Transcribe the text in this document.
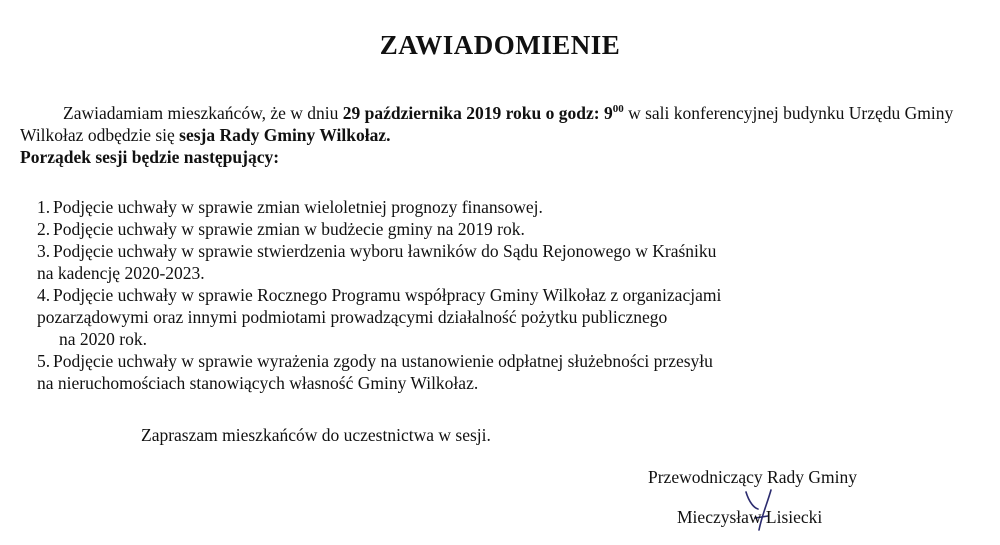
ZAWIADOMIENIE
Zawiadamiam mieszkańców, że w dniu 29 października 2019 roku o godz: $9^{00}$ w sali konferencyjnej budynku Urzędu Gminy
Wilkołaz odbędzie się sesja Rady Gminy Wilkołaz.
Porządek sesji będzie następujący:
1. Podjęcie uchwały w sprawie zmian wieloletniej prognozy finansowej.
2. Podjęcie uchwały w sprawie zmian w budżecie gminy na 2019 rok.
3. Podjęcie uchwały w sprawie stwierdzenia wyboru ławników do Sądu Rejonowego w Kraśniku
na kadencję 2020-2023.
4. Podjęcie uchwały w sprawie Rocznego Programu współpracy Gminy Wilkołaz z organizacjami
pozarządowymi oraz innymi podmiotami prowadzącymi działalność pożytku publicznego
na 2020 rok.
5. Podjęcie uchwały w sprawie wyrażenia zgody na ustanowienie odpłatnej służebności przesyłu
na nieruchomościach stanowiących własność Gminy Wilkołaz.
Zapraszam mieszkańców do uczestnictwa w sesji.
Przewodniczący Rady Gminy
Mieczysław Lisiecki
